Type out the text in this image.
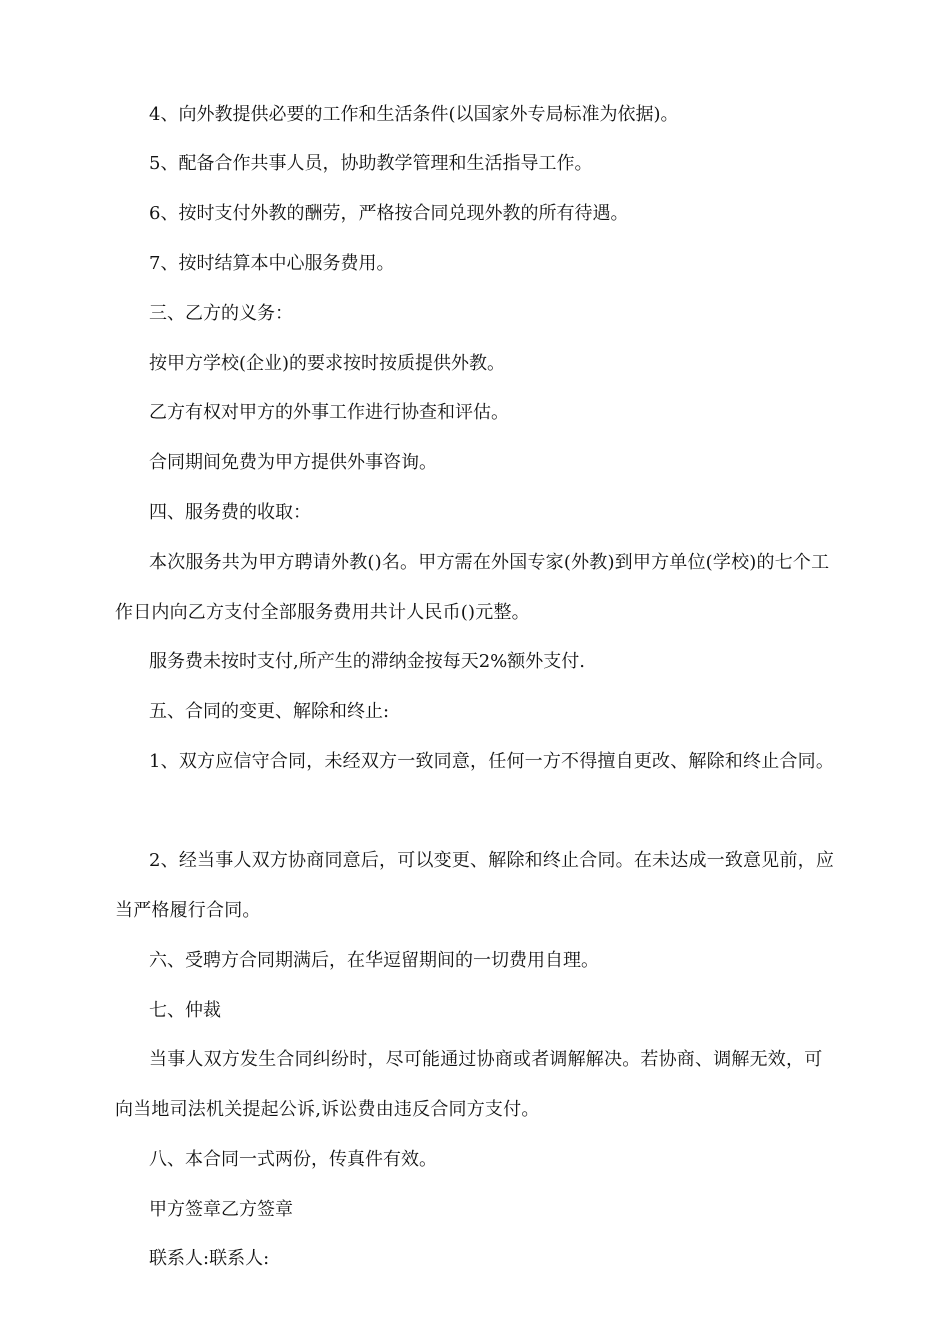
4、向外教提供必要的工作和生活条件(以国家外专局标准为依据)。

5、配备合作共事人员，协助教学管理和生活指导工作。

6、按时支付外教的酬劳，严格按合同兑现外教的所有待遇。

7、按时结算本中心服务费用。

三、乙方的义务：

按甲方学校(企业)的要求按时按质提供外教。

乙方有权对甲方的外事工作进行协查和评估。

合同期间免费为甲方提供外事咨询。

四、服务费的收取：

本次服务共为甲方聘请外教()名。甲方需在外国专家(外教)到甲方单位(学校)的七个工作日内向乙方支付全部服务费用共计人民币()元整。

服务费未按时支付,所产生的滞纳金按每天2%额外支付.

五、合同的变更、解除和终止:

1、双方应信守合同，未经双方一致同意，任何一方不得擅自更改、解除和终止合同。

2、经当事人双方协商同意后，可以变更、解除和终止合同。在未达成一致意见前，应当严格履行合同。

六、受聘方合同期满后，在华逗留期间的一切费用自理。

七、仲裁

当事人双方发生合同纠纷时，尽可能通过协商或者调解解决。若协商、调解无效，可向当地司法机关提起公诉,诉讼费由违反合同方支付。

八、本合同一式两份，传真件有效。

甲方签章乙方签章

联系人:联系人:
